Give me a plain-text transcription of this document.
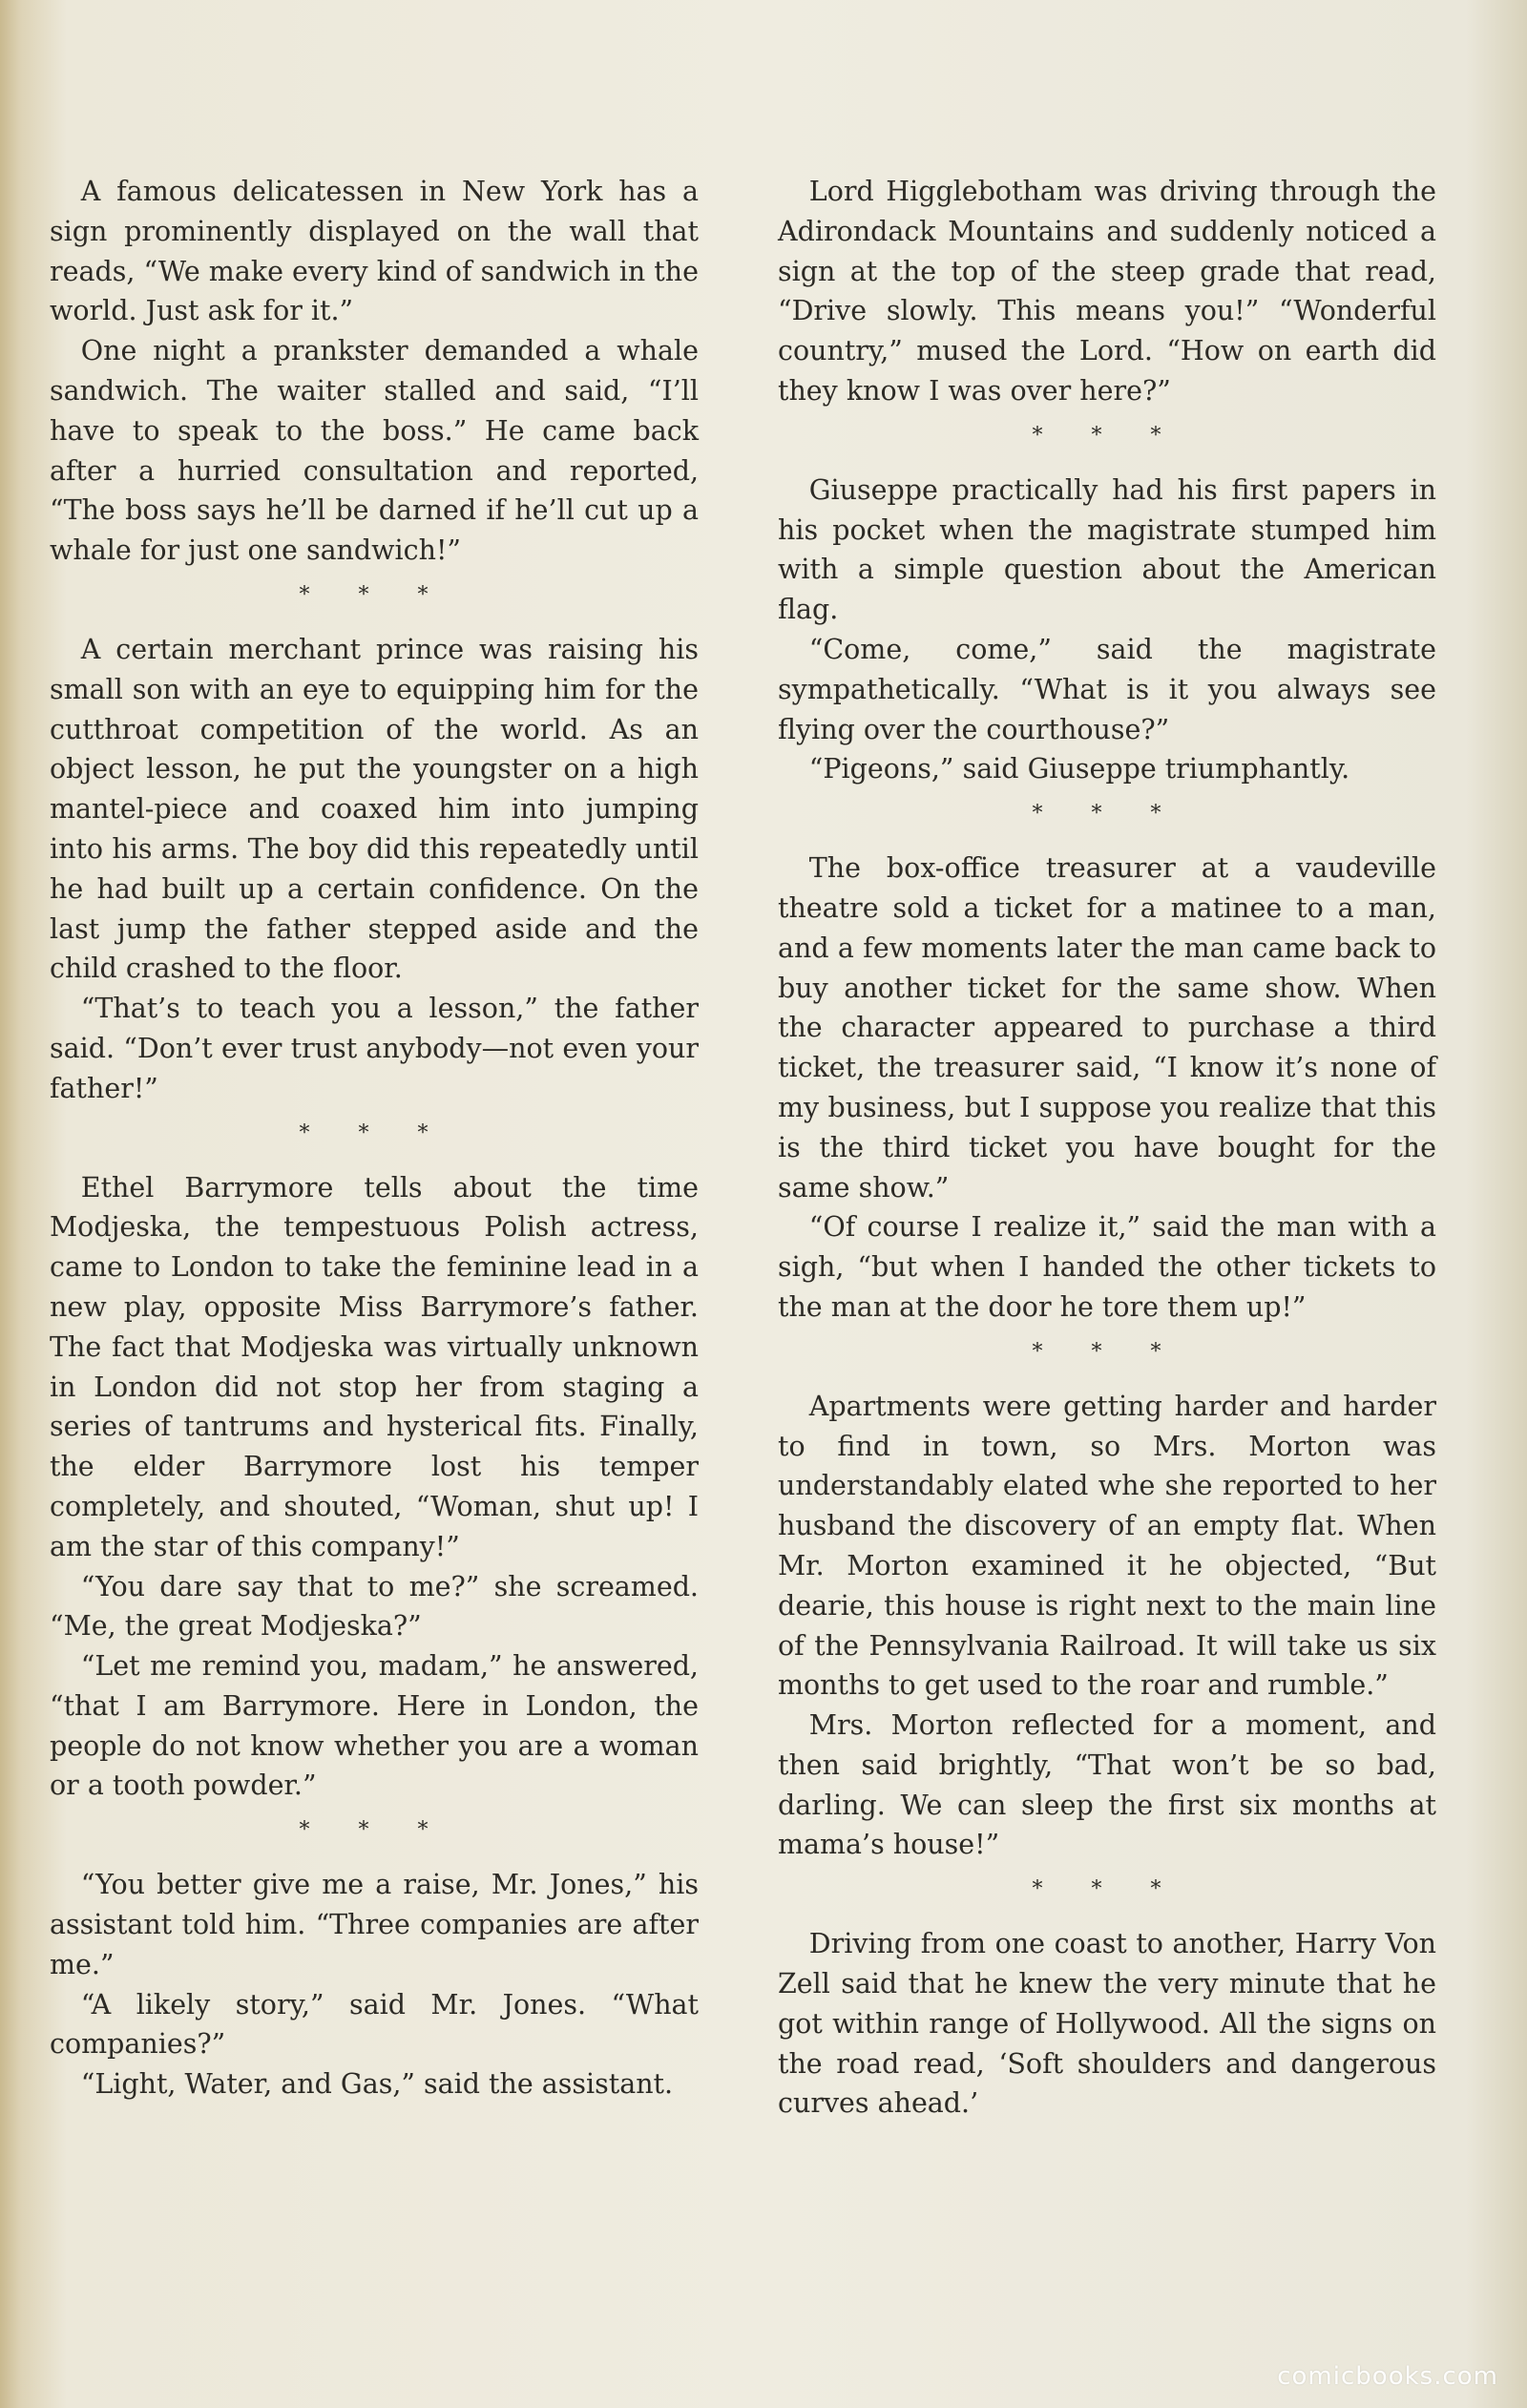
A famous delicatessen in New York has a sign prominently displayed on the wall that reads, “We make every kind of sandwich in the world. Just ask for it.”

One night a prankster demanded a whale sandwich. The waiter stalled and said, “I’ll have to speak to the boss.” He came back after a hurried consultation and reported, “The boss says he’ll be darned if he’ll cut up a whale for just one sandwich!”

* * *

A certain merchant prince was raising his small son with an eye to equipping him for the cutthroat competition of the world. As an object lesson, he put the youngster on a high mantel-piece and coaxed him into jumping into his arms. The boy did this repeatedly until he had built up a certain confidence. On the last jump the father stepped aside and the child crashed to the floor.

“That’s to teach you a lesson,” the father said. “Don’t ever trust anybody—not even your father!”

* * *

Ethel Barrymore tells about the time Modjeska, the tempestuous Polish actress, came to London to take the feminine lead in a new play, opposite Miss Barrymore’s father. The fact that Modjeska was virtually unknown in London did not stop her from staging a series of tantrums and hysterical fits. Finally, the elder Barrymore lost his temper completely, and shouted, “Woman, shut up! I am the star of this company!”

“You dare say that to me?” she screamed. “Me, the great Modjeska?”

“Let me remind you, madam,” he answered, “that I am Barrymore. Here in London, the people do not know whether you are a woman or a tooth powder.”

* * *

“You better give me a raise, Mr. Jones,” his assistant told him. “Three companies are after me.”

“A likely story,” said Mr. Jones. “What companies?”

“Light, Water, and Gas,” said the assistant.

Lord Higglebotham was driving through the Adirondack Mountains and suddenly noticed a sign at the top of the steep grade that read, “Drive slowly. This means you!” “Wonderful country,” mused the Lord. “How on earth did they know I was over here?”

* * *

Giuseppe practically had his first papers in his pocket when the magistrate stumped him with a simple question about the American flag.

“Come, come,” said the magistrate sympathetically. “What is it you always see flying over the courthouse?”

“Pigeons,” said Giuseppe triumphantly.

* * *

The box-office treasurer at a vaudeville theatre sold a ticket for a matinee to a man, and a few moments later the man came back to buy another ticket for the same show. When the character appeared to purchase a third ticket, the treasurer said, “I know it’s none of my business, but I suppose you realize that this is the third ticket you have bought for the same show.”

“Of course I realize it,” said the man with a sigh, “but when I handed the other tickets to the man at the door he tore them up!”

* * *

Apartments were getting harder and harder to find in town, so Mrs. Morton was understandably elated whe she reported to her husband the discovery of an empty flat. When Mr. Morton examined it he objected, “But dearie, this house is right next to the main line of the Pennsylvania Railroad. It will take us six months to get used to the roar and rumble.”

Mrs. Morton reflected for a moment, and then said brightly, “That won’t be so bad, darling. We can sleep the first six months at mama’s house!”

* * *

Driving from one coast to another, Harry Von Zell said that he knew the very minute that he got within range of Hollywood. All the signs on the road read, ‘Soft shoulders and dangerous curves ahead.’

comicbooks.com
